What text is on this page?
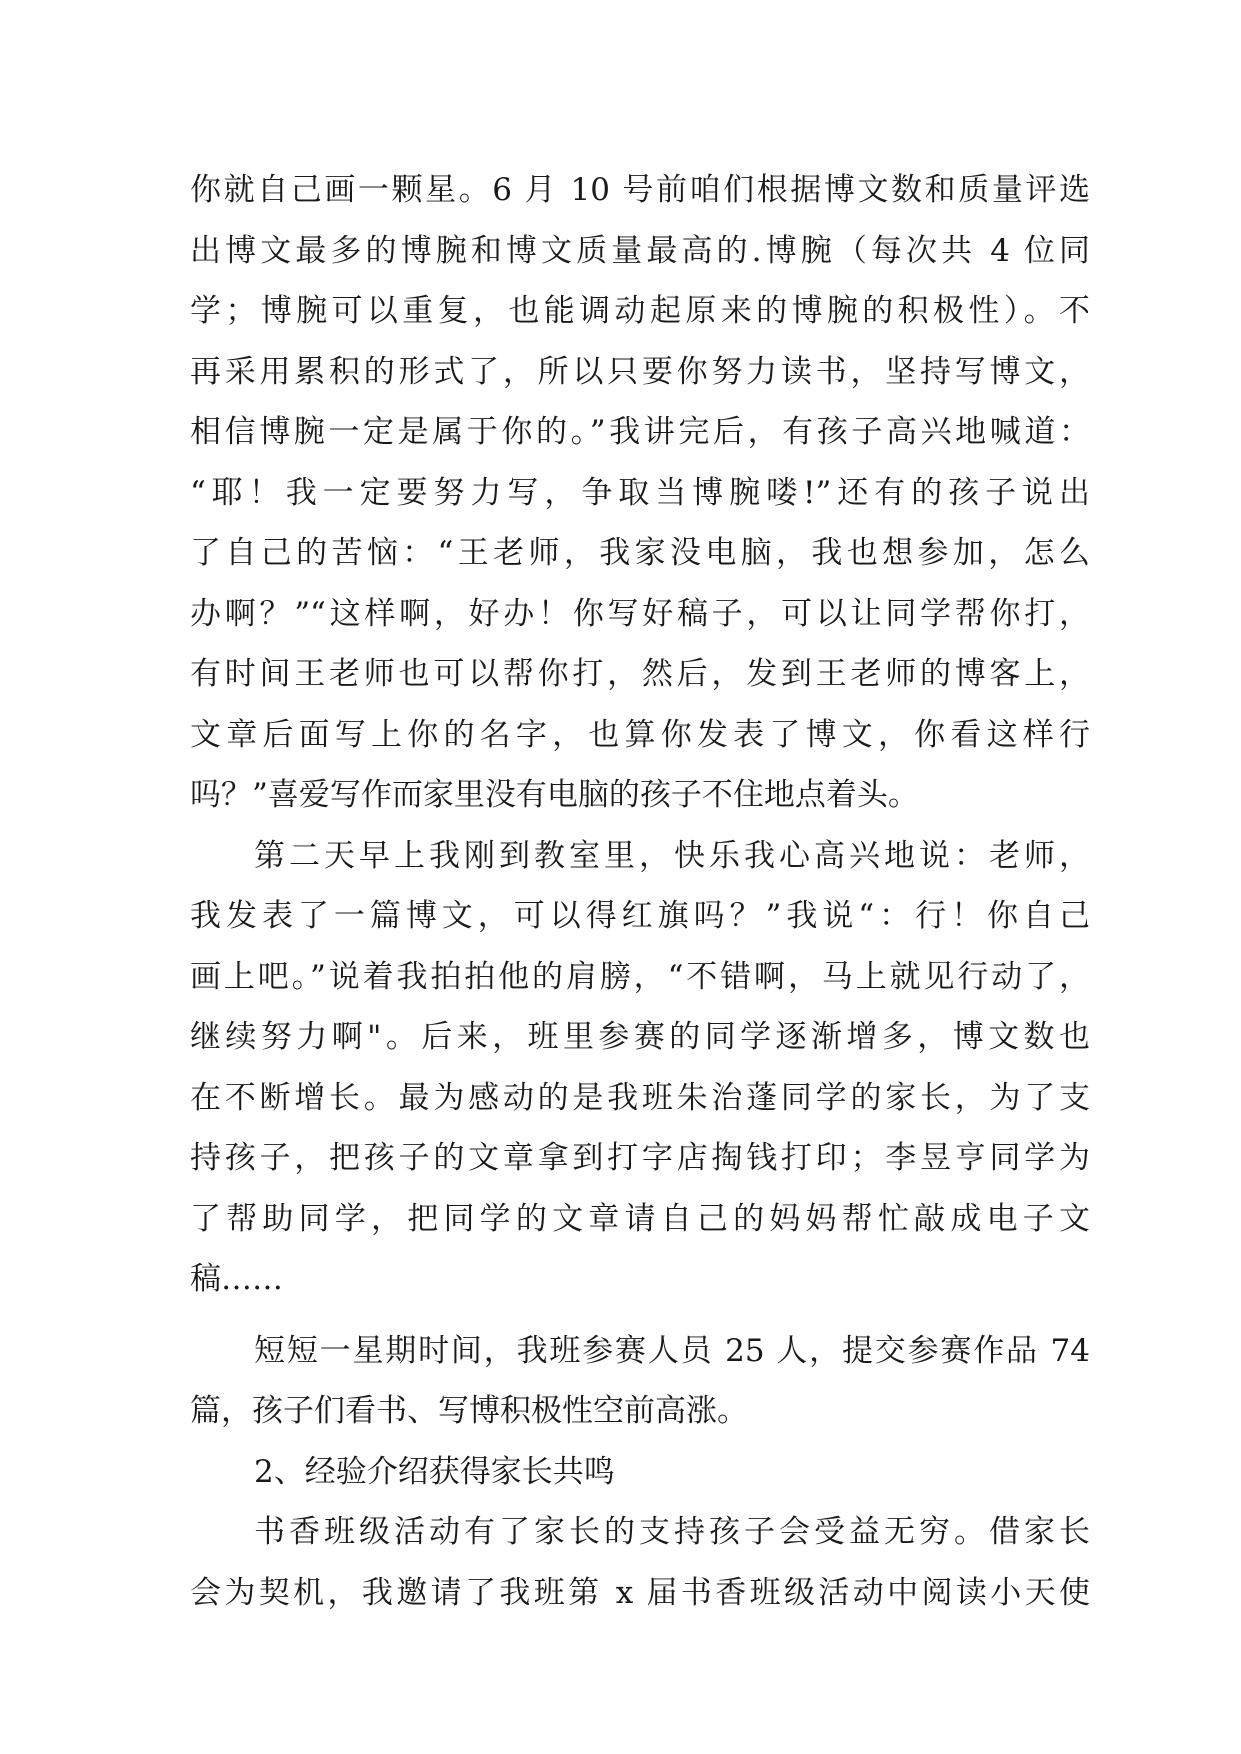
你就自己画一颗星。6 月 10 号前咱们根据博文数和质量评选
出博文最多的博腕和博文质量最高的.博腕（每次共 4 位同
学；博腕可以重复，也能调动起原来的博腕的积极性）。不
再采用累积的形式了，所以只要你努力读书，坚持写博文，
相信博腕一定是属于你的。”我讲完后，有孩子高兴地喊道：
“耶！我一定要努力写，争取当博腕喽!”还有的孩子说出
了自己的苦恼：“王老师，我家没电脑，我也想参加，怎么
办啊？”“这样啊，好办！你写好稿子，可以让同学帮你打，
有时间王老师也可以帮你打，然后，发到王老师的博客上，
文章后面写上你的名字，也算你发表了博文，你看这样行
吗？”喜爱写作而家里没有电脑的孩子不住地点着头。
第二天早上我刚到教室里，快乐我心高兴地说：老师，
我发表了一篇博文，可以得红旗吗？”我说“：行！你自己
画上吧。”说着我拍拍他的肩膀，“不错啊，马上就见行动了，
继续努力啊"。后来，班里参赛的同学逐渐增多，博文数也
在不断增长。最为感动的是我班朱治蓬同学的家长，为了支
持孩子，把孩子的文章拿到打字店掏钱打印；李昱亨同学为
了帮助同学，把同学的文章请自己的妈妈帮忙敲成电子文
稿……
短短一星期时间，我班参赛人员 25 人，提交参赛作品 74
篇，孩子们看书、写博积极性空前高涨。
2、经验介绍获得家长共鸣
书香班级活动有了家长的支持孩子会受益无穷。借家长
会为契机，我邀请了我班第 x 届书香班级活动中阅读小天使
